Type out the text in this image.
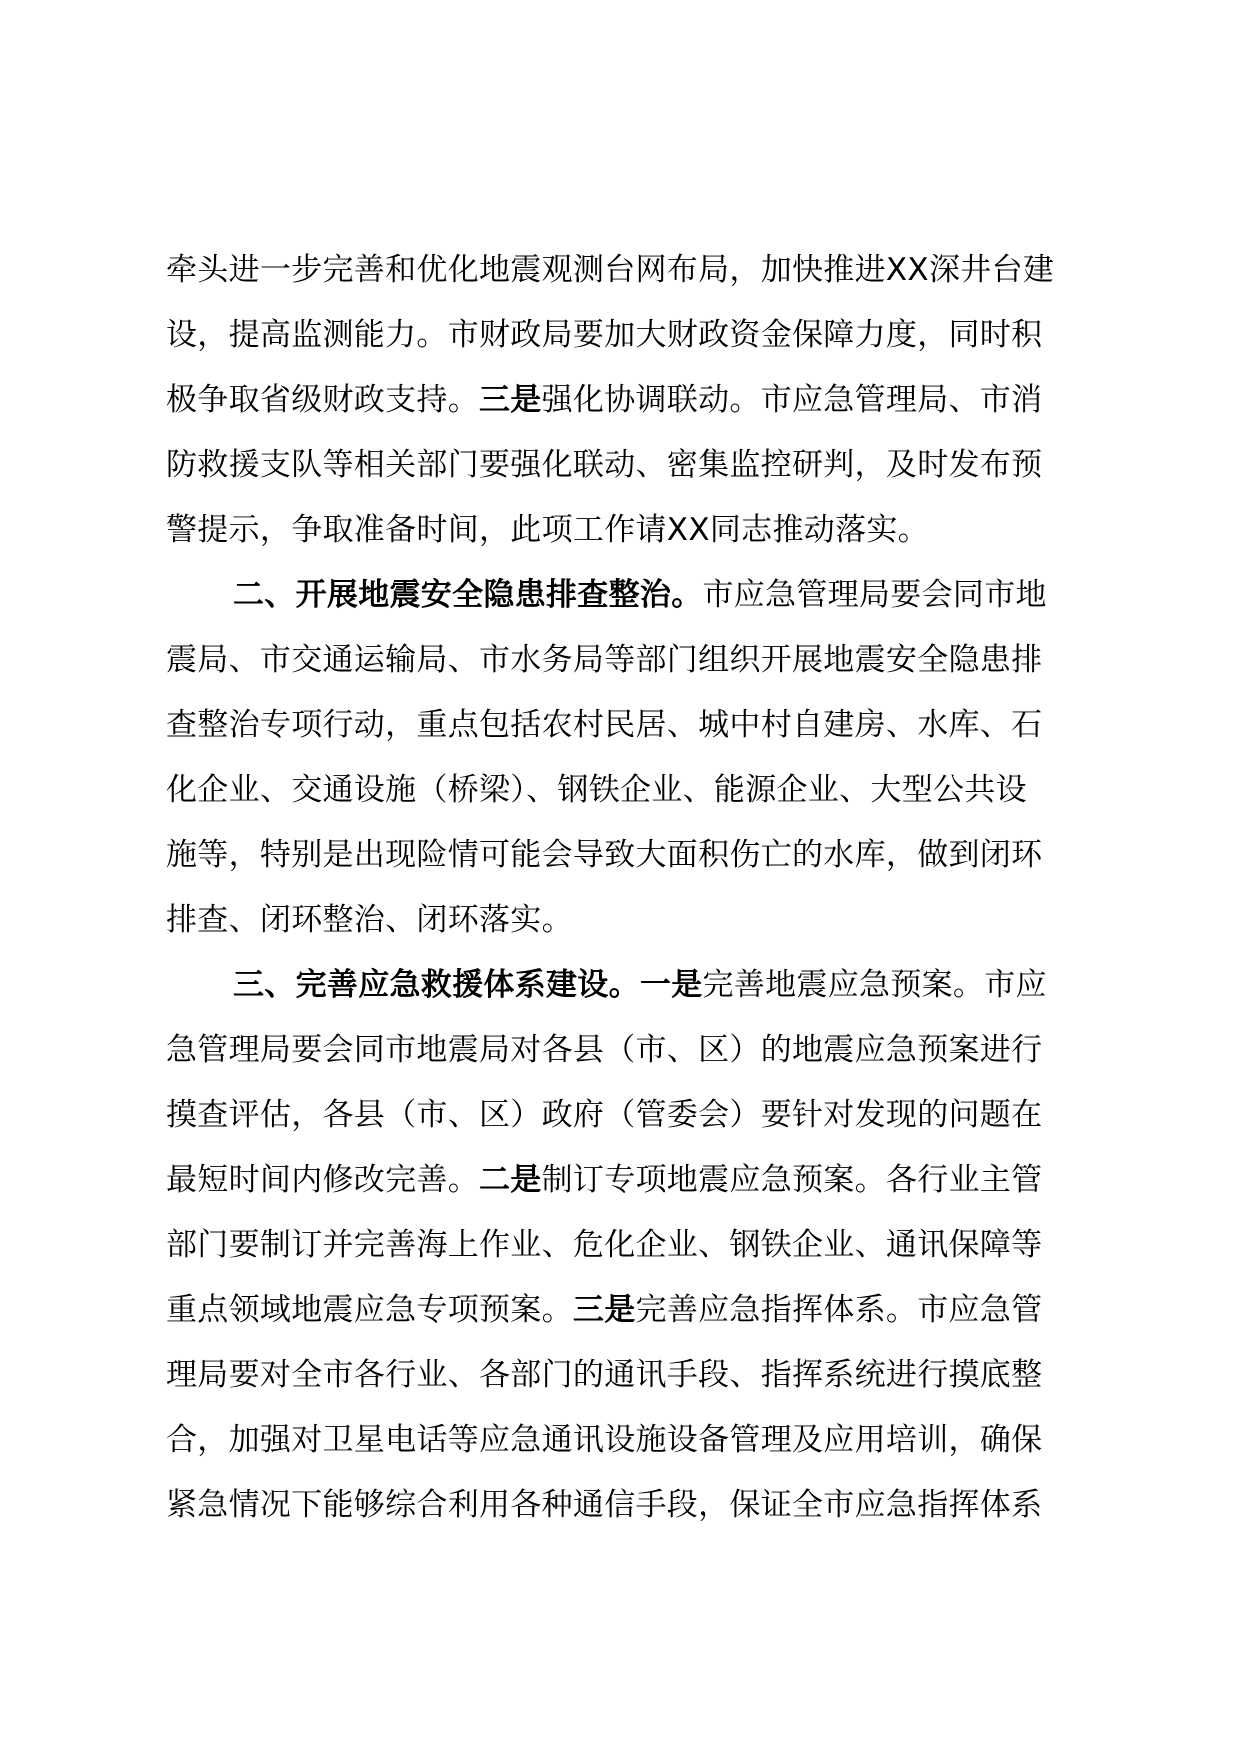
牵头进一步完善和优化地震观测台网布局，加快推进XX深井台建
设，提高监测能力。市财政局要加大财政资金保障力度，同时积
极争取省级财政支持。三是强化协调联动。市应急管理局、市消
防救援支队等相关部门要强化联动、密集监控研判，及时发布预
警提示，争取准备时间，此项工作请XX同志推动落实。
二、开展地震安全隐患排查整治。市应急管理局要会同市地
震局、市交通运输局、市水务局等部门组织开展地震安全隐患排
查整治专项行动，重点包括农村民居、城中村自建房、水库、石
化企业、交通设施（桥梁）、钢铁企业、能源企业、大型公共设
施等，特别是出现险情可能会导致大面积伤亡的水库，做到闭环
排查、闭环整治、闭环落实。
三、完善应急救援体系建设。一是完善地震应急预案。市应
急管理局要会同市地震局对各县（市、区）的地震应急预案进行
摸查评估，各县（市、区）政府（管委会）要针对发现的问题在
最短时间内修改完善。二是制订专项地震应急预案。各行业主管
部门要制订并完善海上作业、危化企业、钢铁企业、通讯保障等
重点领域地震应急专项预案。三是完善应急指挥体系。市应急管
理局要对全市各行业、各部门的通讯手段、指挥系统进行摸底整
合，加强对卫星电话等应急通讯设施设备管理及应用培训，确保
紧急情况下能够综合利用各种通信手段，保证全市应急指挥体系
